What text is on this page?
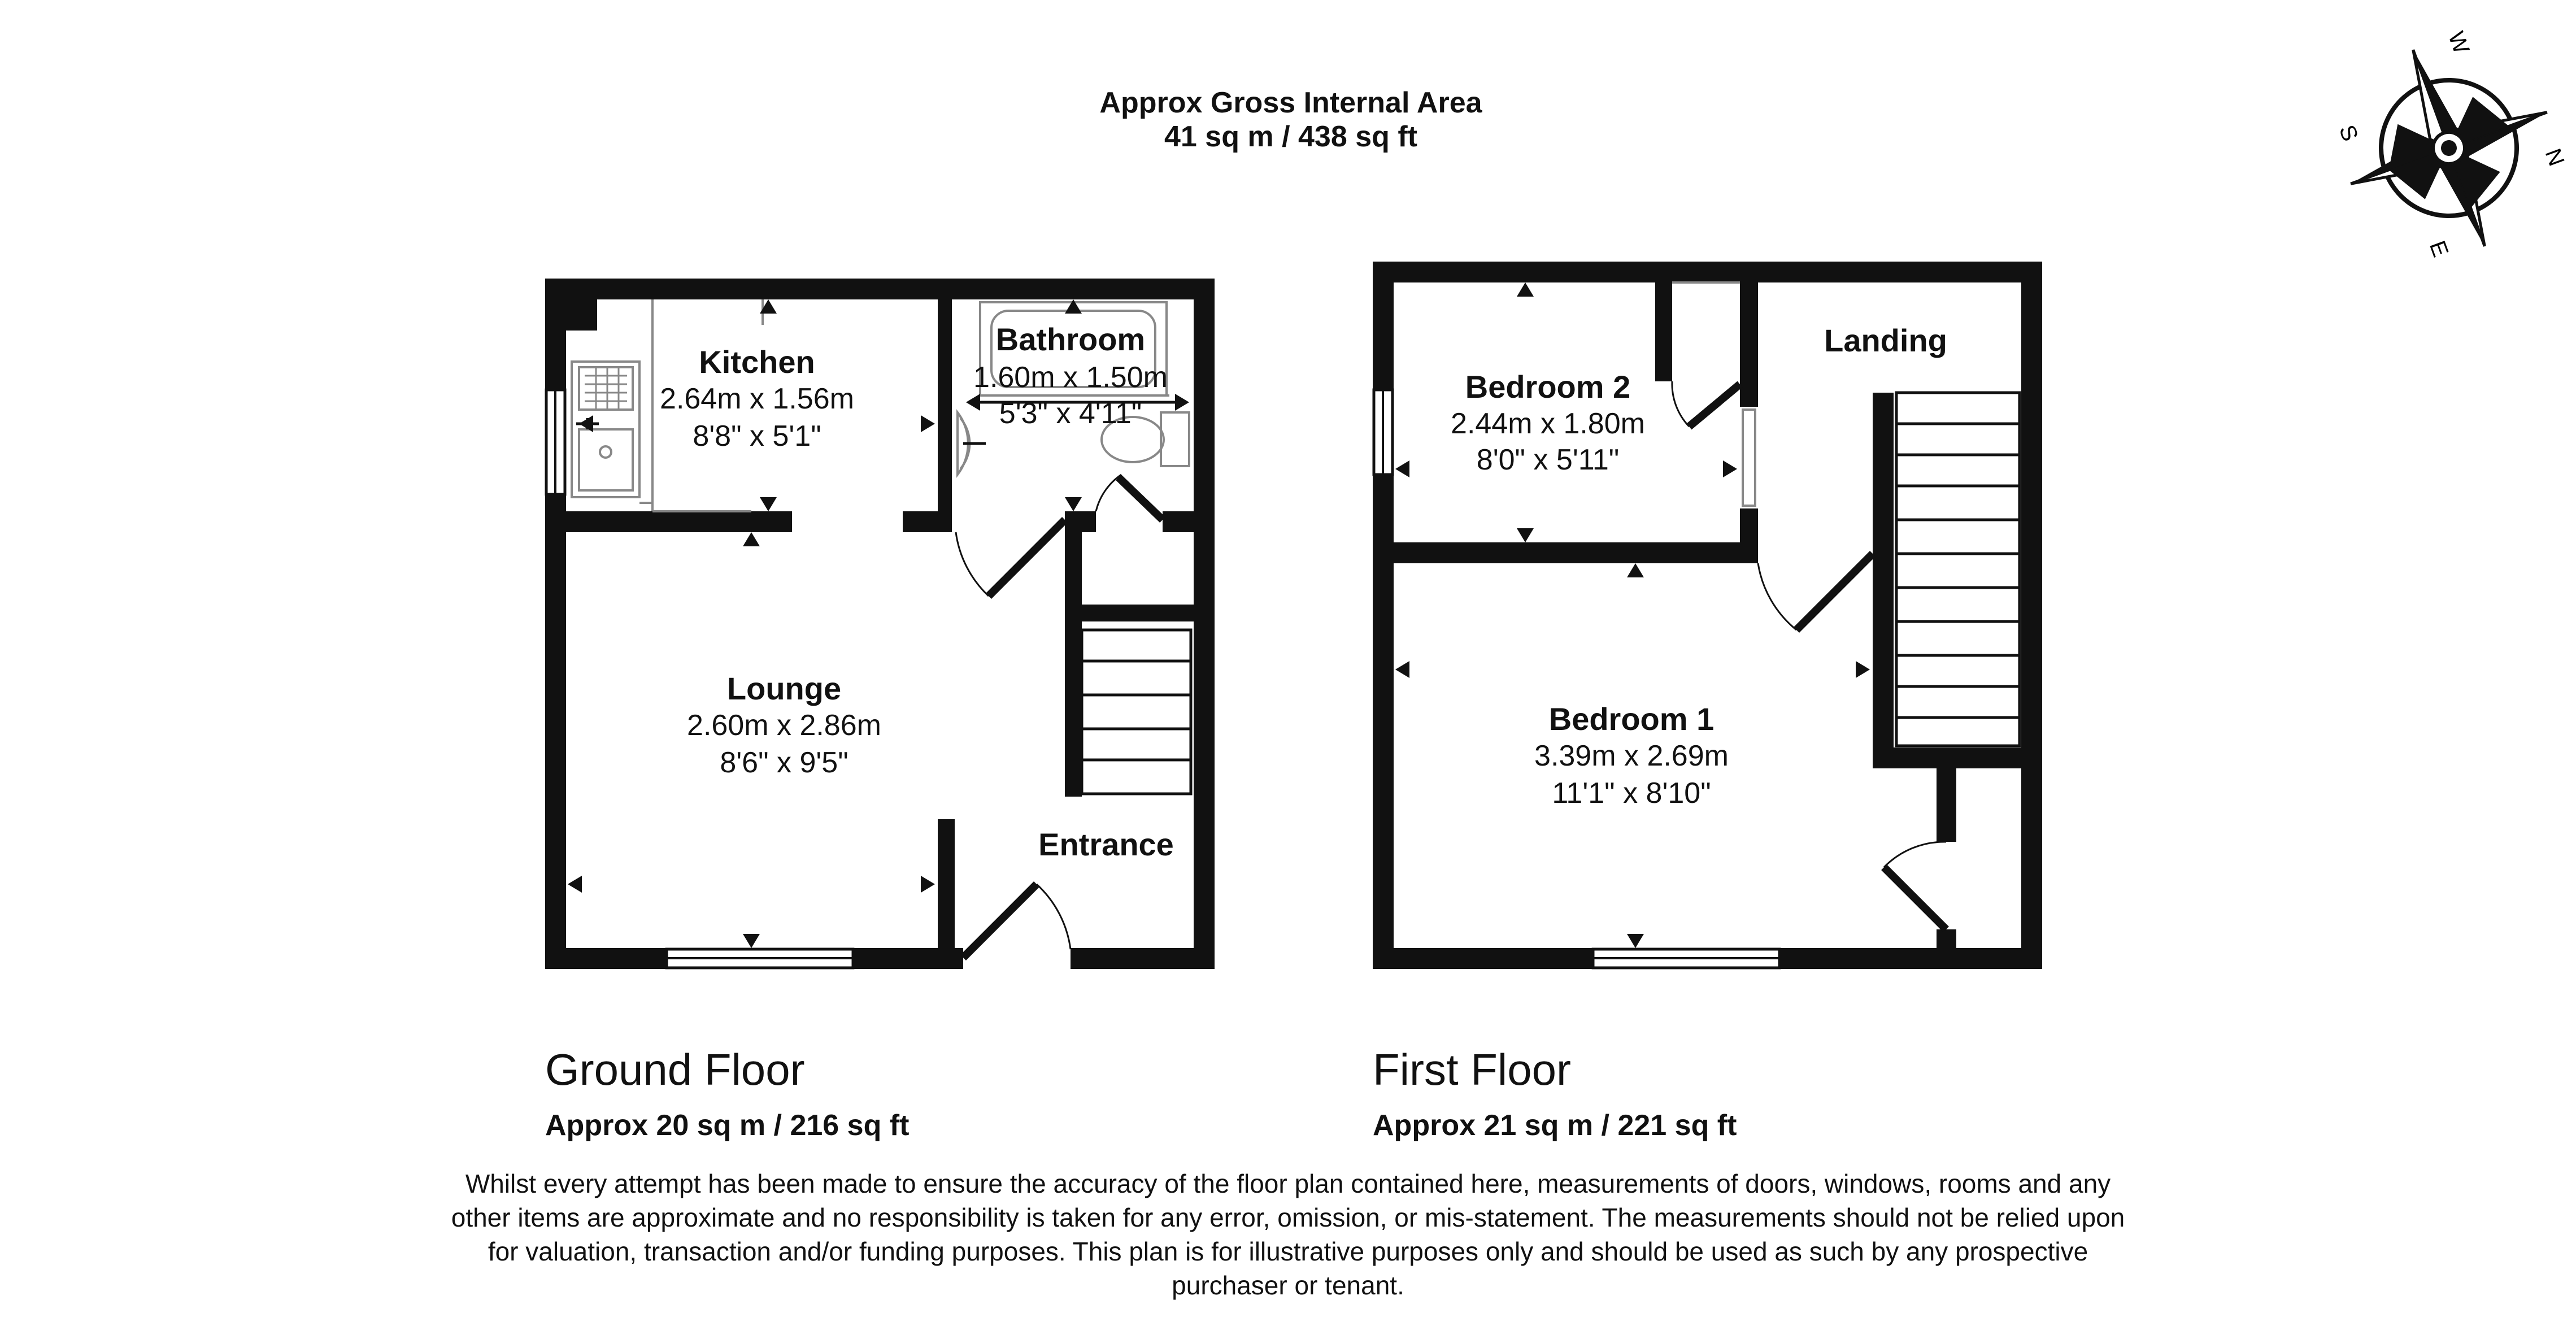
W
N
E
S
Approx Gross Internal Area
41 sq m / 438 sq ft
Kitchen
2.64m x 1.56m
8'8" x 5'1"
Bathroom
1.60m x 1.50m
5'3" x 4'11"
Lounge
2.60m x 2.86m
8'6" x 9'5"
Entrance
Bedroom 2
2.44m x 1.80m
8'0" x 5'11"
Landing
Bedroom 1
3.39m x 2.69m
11'1" x 8'10"
Ground Floor
Approx 20 sq m / 216 sq ft
First Floor
Approx 21 sq m / 221 sq ft
Whilst every attempt has been made to ensure the accuracy of the floor plan contained here, measurements of doors, windows, rooms and any other items are approximate and no responsibility is taken for any error, omission, or mis-statement. The measurements should not be relied upon for valuation, transaction and/or funding purposes. This plan is for illustrative purposes only and should be used as such by any prospective purchaser or tenant.
